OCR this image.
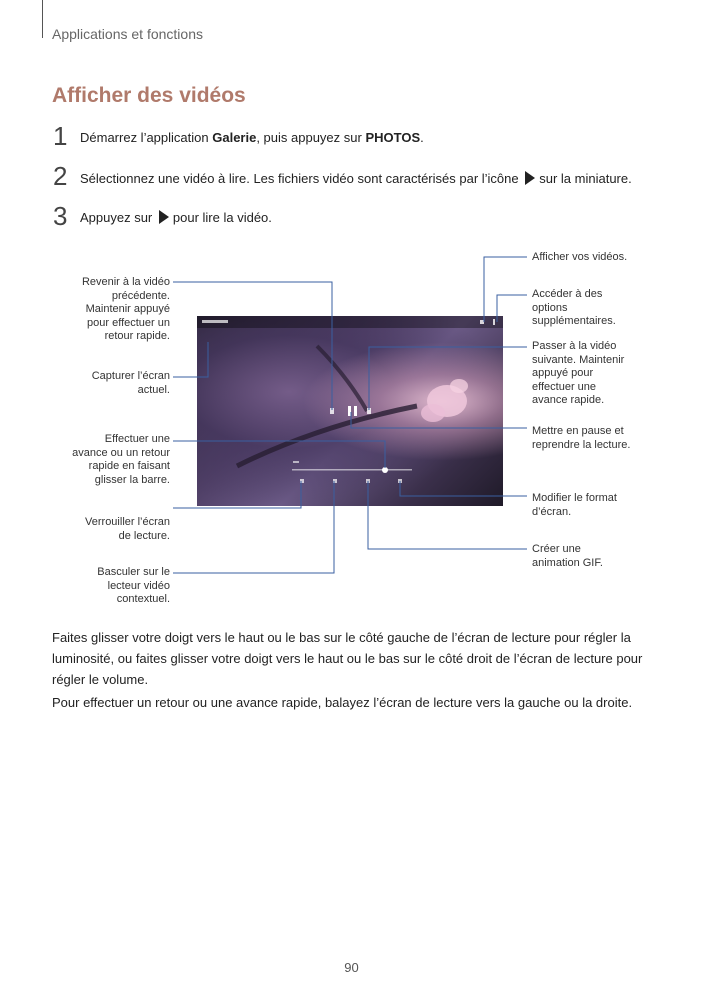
Applications et fonctions
Afficher des vidéos
1 Démarrez l’application Galerie, puis appuyez sur PHOTOS.
2 Sélectionnez une vidéo à lire. Les fichiers vidéo sont caractérisés par l’icône sur la miniature.
3 Appuyez sur pour lire la vidéo.
Revenir à la vidéo précédente. Maintenir appuyé pour effectuer un retour rapide.
Capturer l’écran actuel.
Effectuer une avance ou un retour rapide en faisant glisser la barre.
Verrouiller l’écran de lecture.
Basculer sur le lecteur vidéo contextuel.
Afficher vos vidéos.
Accéder à des options supplémentaires.
Passer à la vidéo suivante. Maintenir appuyé pour effectuer une avance rapide.
Mettre en pause et reprendre la lecture.
Modifier le format d’écran.
Créer une animation GIF.
Faites glisser votre doigt vers le haut ou le bas sur le côté gauche de l’écran de lecture pour régler la luminosité, ou faites glisser votre doigt vers le haut ou le bas sur le côté droit de l’écran de lecture pour régler le volume.
Pour effectuer un retour ou une avance rapide, balayez l’écran de lecture vers la gauche ou la droite.
90
